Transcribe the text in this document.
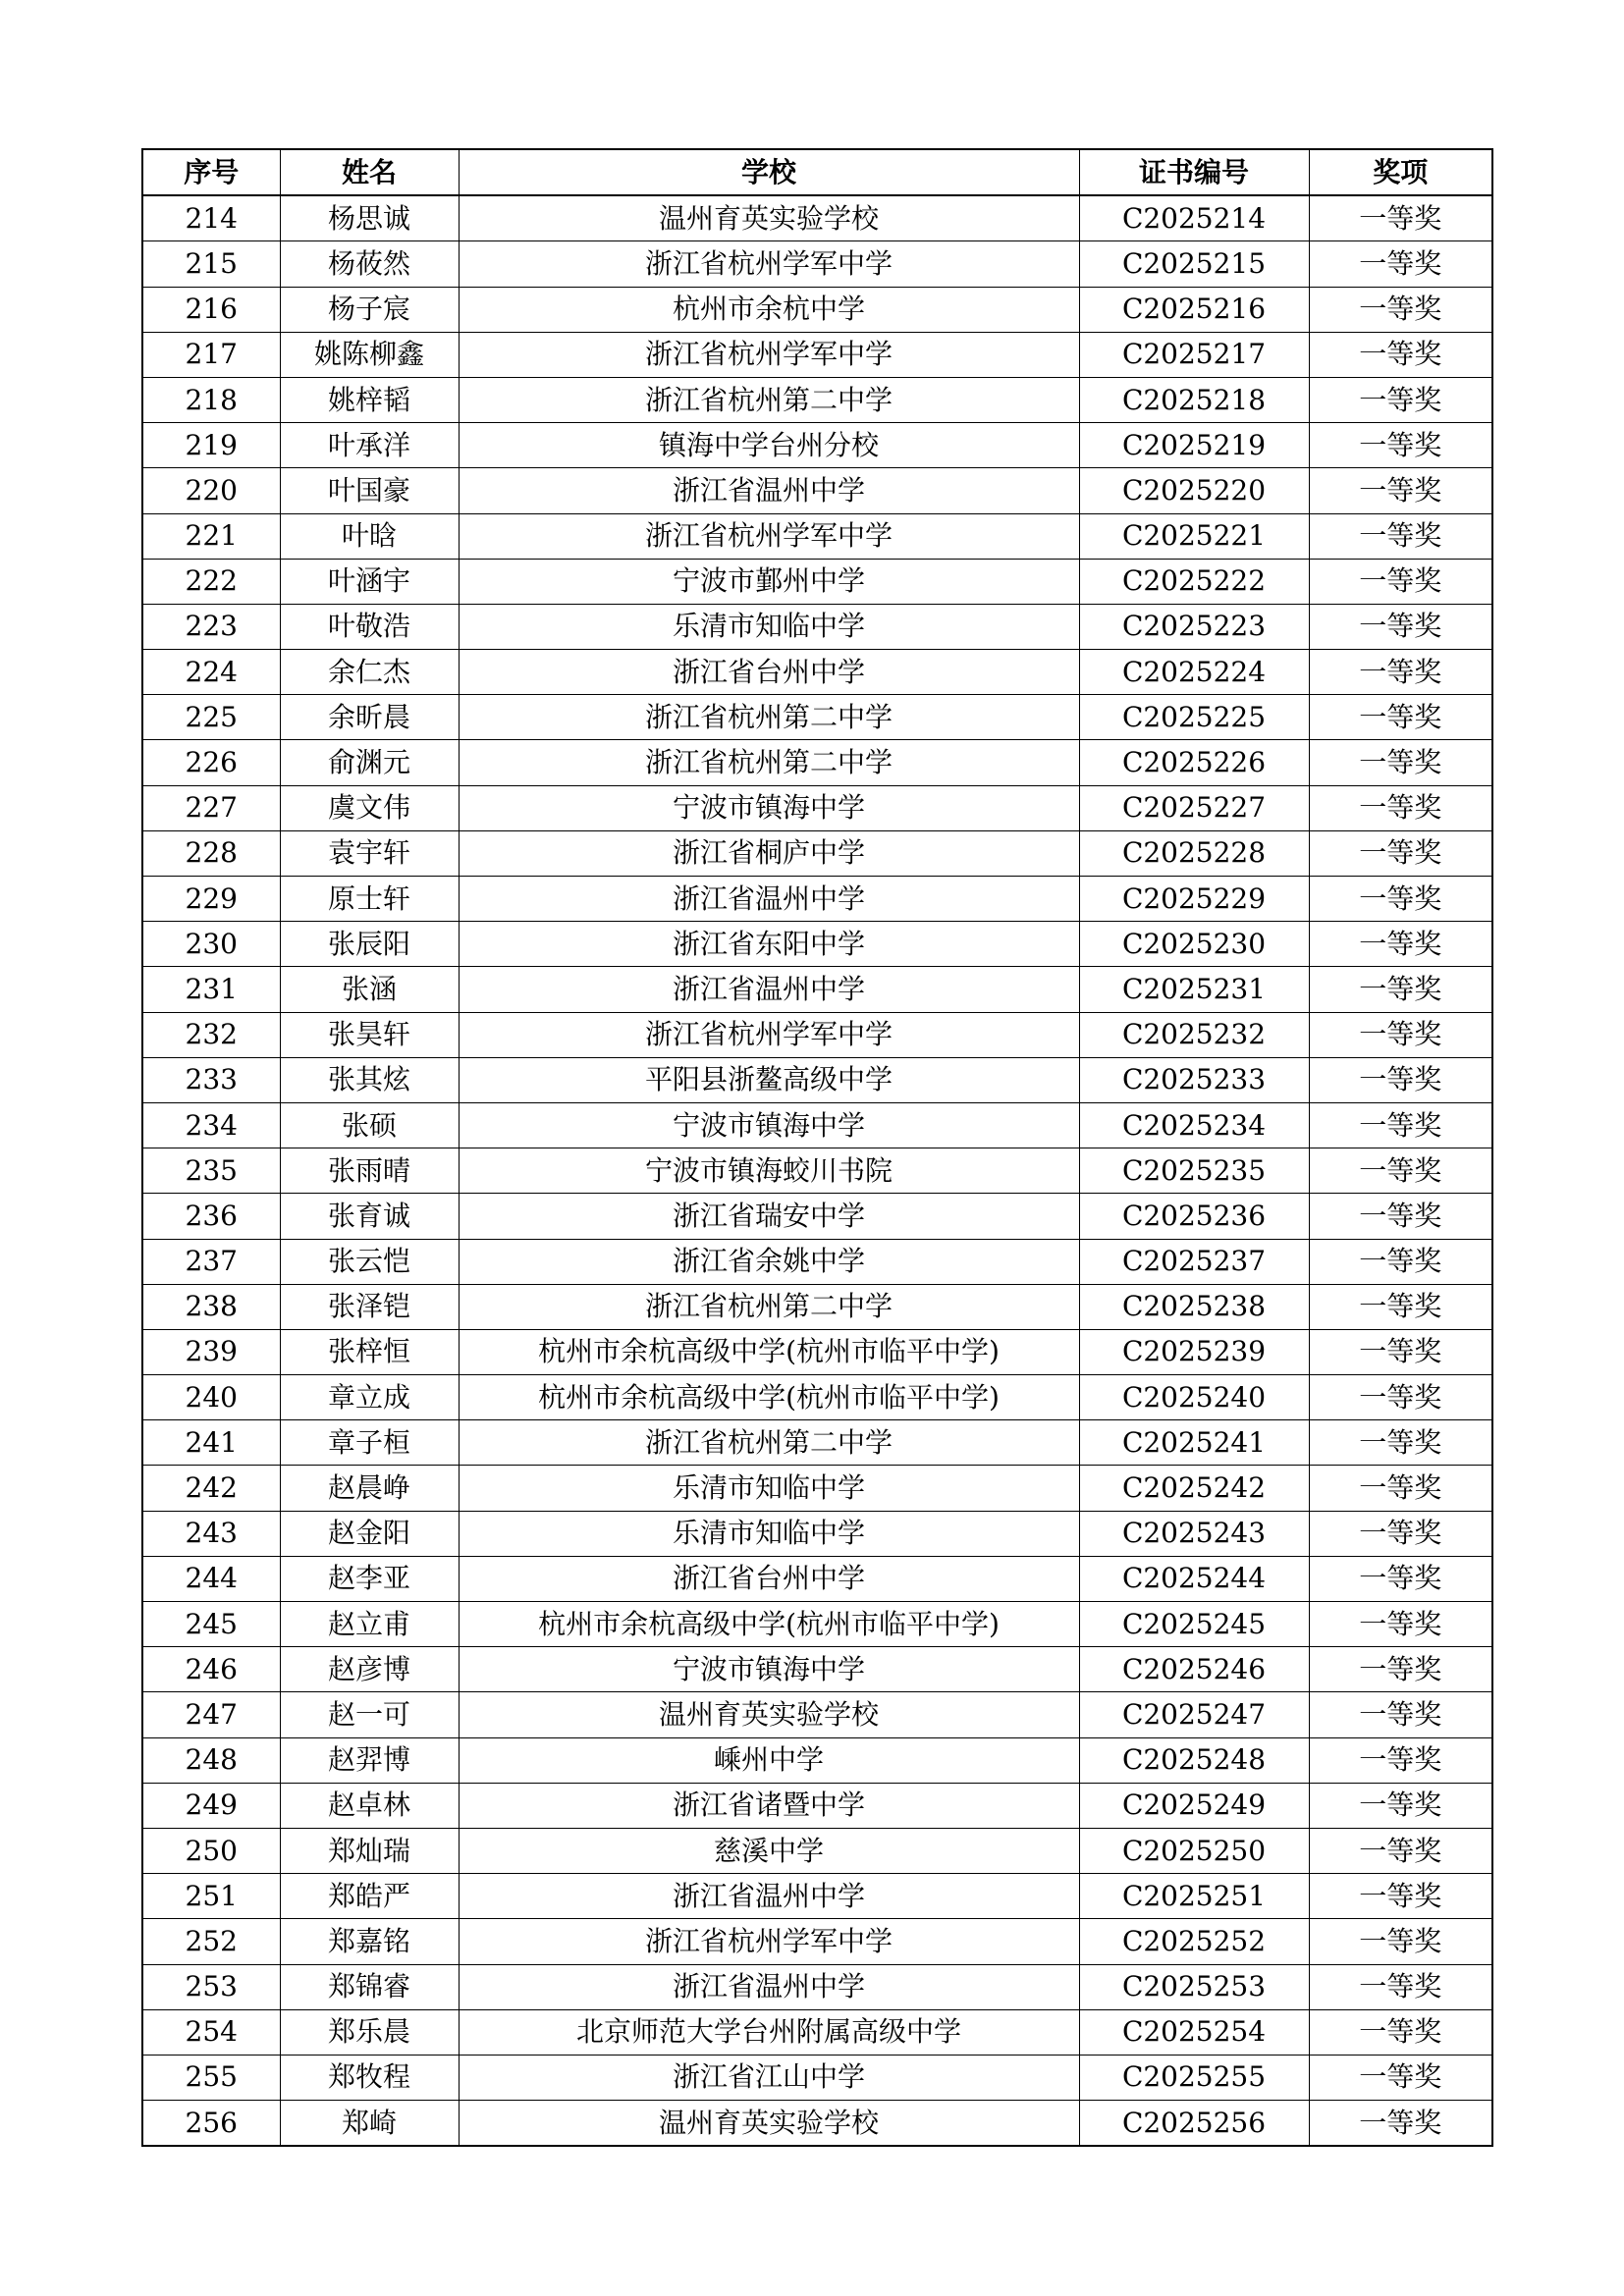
序号	姓名	学校	证书编号	奖项
214	杨思诚	温州育英实验学校	C2025214	一等奖
215	杨莜然	浙江省杭州学军中学	C2025215	一等奖
216	杨子宸	杭州市余杭中学	C2025216	一等奖
217	姚陈柳鑫	浙江省杭州学军中学	C2025217	一等奖
218	姚梓韬	浙江省杭州第二中学	C2025218	一等奖
219	叶承洋	镇海中学台州分校	C2025219	一等奖
220	叶国豪	浙江省温州中学	C2025220	一等奖
221	叶晗	浙江省杭州学军中学	C2025221	一等奖
222	叶涵宇	宁波市鄞州中学	C2025222	一等奖
223	叶敬浩	乐清市知临中学	C2025223	一等奖
224	余仁杰	浙江省台州中学	C2025224	一等奖
225	余昕晨	浙江省杭州第二中学	C2025225	一等奖
226	俞渊元	浙江省杭州第二中学	C2025226	一等奖
227	虞文伟	宁波市镇海中学	C2025227	一等奖
228	袁宇轩	浙江省桐庐中学	C2025228	一等奖
229	原士轩	浙江省温州中学	C2025229	一等奖
230	张辰阳	浙江省东阳中学	C2025230	一等奖
231	张涵	浙江省温州中学	C2025231	一等奖
232	张昊轩	浙江省杭州学军中学	C2025232	一等奖
233	张其炫	平阳县浙鳌高级中学	C2025233	一等奖
234	张硕	宁波市镇海中学	C2025234	一等奖
235	张雨晴	宁波市镇海蛟川书院	C2025235	一等奖
236	张育诚	浙江省瑞安中学	C2025236	一等奖
237	张云恺	浙江省余姚中学	C2025237	一等奖
238	张泽铠	浙江省杭州第二中学	C2025238	一等奖
239	张梓恒	杭州市余杭高级中学(杭州市临平中学)	C2025239	一等奖
240	章立成	杭州市余杭高级中学(杭州市临平中学)	C2025240	一等奖
241	章子桓	浙江省杭州第二中学	C2025241	一等奖
242	赵晨峥	乐清市知临中学	C2025242	一等奖
243	赵金阳	乐清市知临中学	C2025243	一等奖
244	赵李亚	浙江省台州中学	C2025244	一等奖
245	赵立甫	杭州市余杭高级中学(杭州市临平中学)	C2025245	一等奖
246	赵彦博	宁波市镇海中学	C2025246	一等奖
247	赵一可	温州育英实验学校	C2025247	一等奖
248	赵羿博	嵊州中学	C2025248	一等奖
249	赵卓林	浙江省诸暨中学	C2025249	一等奖
250	郑灿瑞	慈溪中学	C2025250	一等奖
251	郑皓严	浙江省温州中学	C2025251	一等奖
252	郑嘉铭	浙江省杭州学军中学	C2025252	一等奖
253	郑锦睿	浙江省温州中学	C2025253	一等奖
254	郑乐晨	北京师范大学台州附属高级中学	C2025254	一等奖
255	郑牧程	浙江省江山中学	C2025255	一等奖
256	郑崎	温州育英实验学校	C2025256	一等奖
